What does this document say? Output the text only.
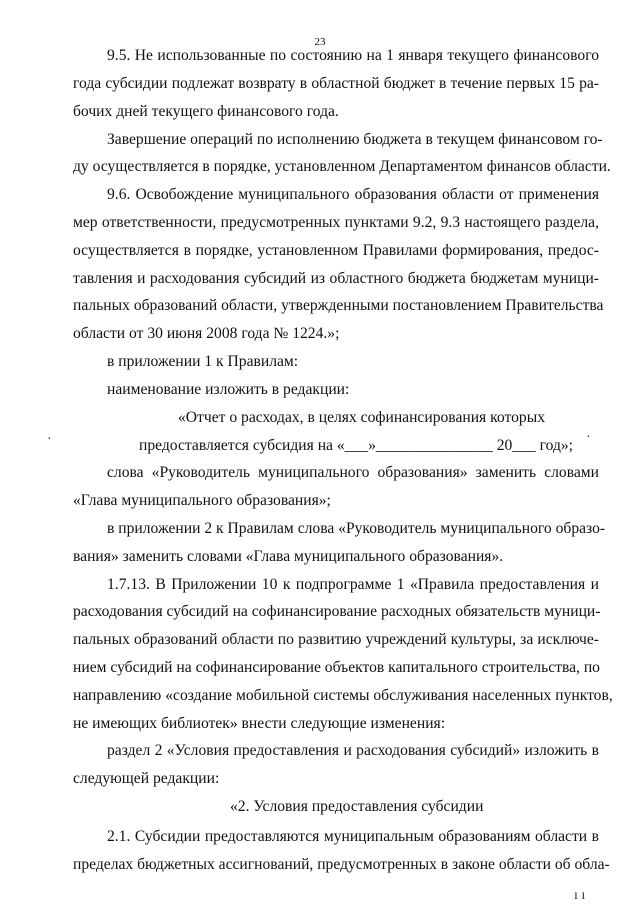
23
9.5. Не использованные по состоянию на 1 января текущего финансового
года субсидии подлежат возврату в областной бюджет в течение первых 15 ра-
бочих дней текущего финансового года.
Завершение операций по исполнению бюджета в текущем финансовом го-
ду осуществляется в порядке, установленном Департаментом финансов области.
9.6. Освобождение муниципального образования области от применения
мер ответственности, предусмотренных пунктами 9.2, 9.3 настоящего раздела,
осуществляется в порядке, установленном Правилами формирования, предос-
тавления и расходования субсидий из областного бюджета бюджетам муници-
пальных образований области, утвержденными постановлением Правительства
области от 30 июня 2008 года № 1224.»;
в приложении 1 к Правилам:
наименование изложить в редакции:
«Отчет о расходах, в целях софинансирования которых
предоставляется субсидия на «___»_______________ 20___ год»;
слова «Руководитель муниципального образования» заменить словами
«Глава муниципального образования»;
в приложении 2 к Правилам слова «Руководитель муниципального образо-
вания» заменить словами «Глава муниципального образования».
1.7.13. В Приложении 10 к подпрограмме 1 «Правила предоставления и
расходования субсидий на софинансирование расходных обязательств муници-
пальных образований области по развитию учреждений культуры, за исключе-
нием субсидий на софинансирование объектов капитального строительства, по
направлению «создание мобильной системы обслуживания населенных пунктов,
не имеющих библиотек» внести следующие изменения:
раздел 2 «Условия предоставления и расходования субсидий» изложить в
следующей редакции:
«2. Условия предоставления субсидии
2.1. Субсидии предоставляются муниципальным образованиям области в
пределах бюджетных ассигнований, предусмотренных в законе области об обла-
·	·
ı ı
